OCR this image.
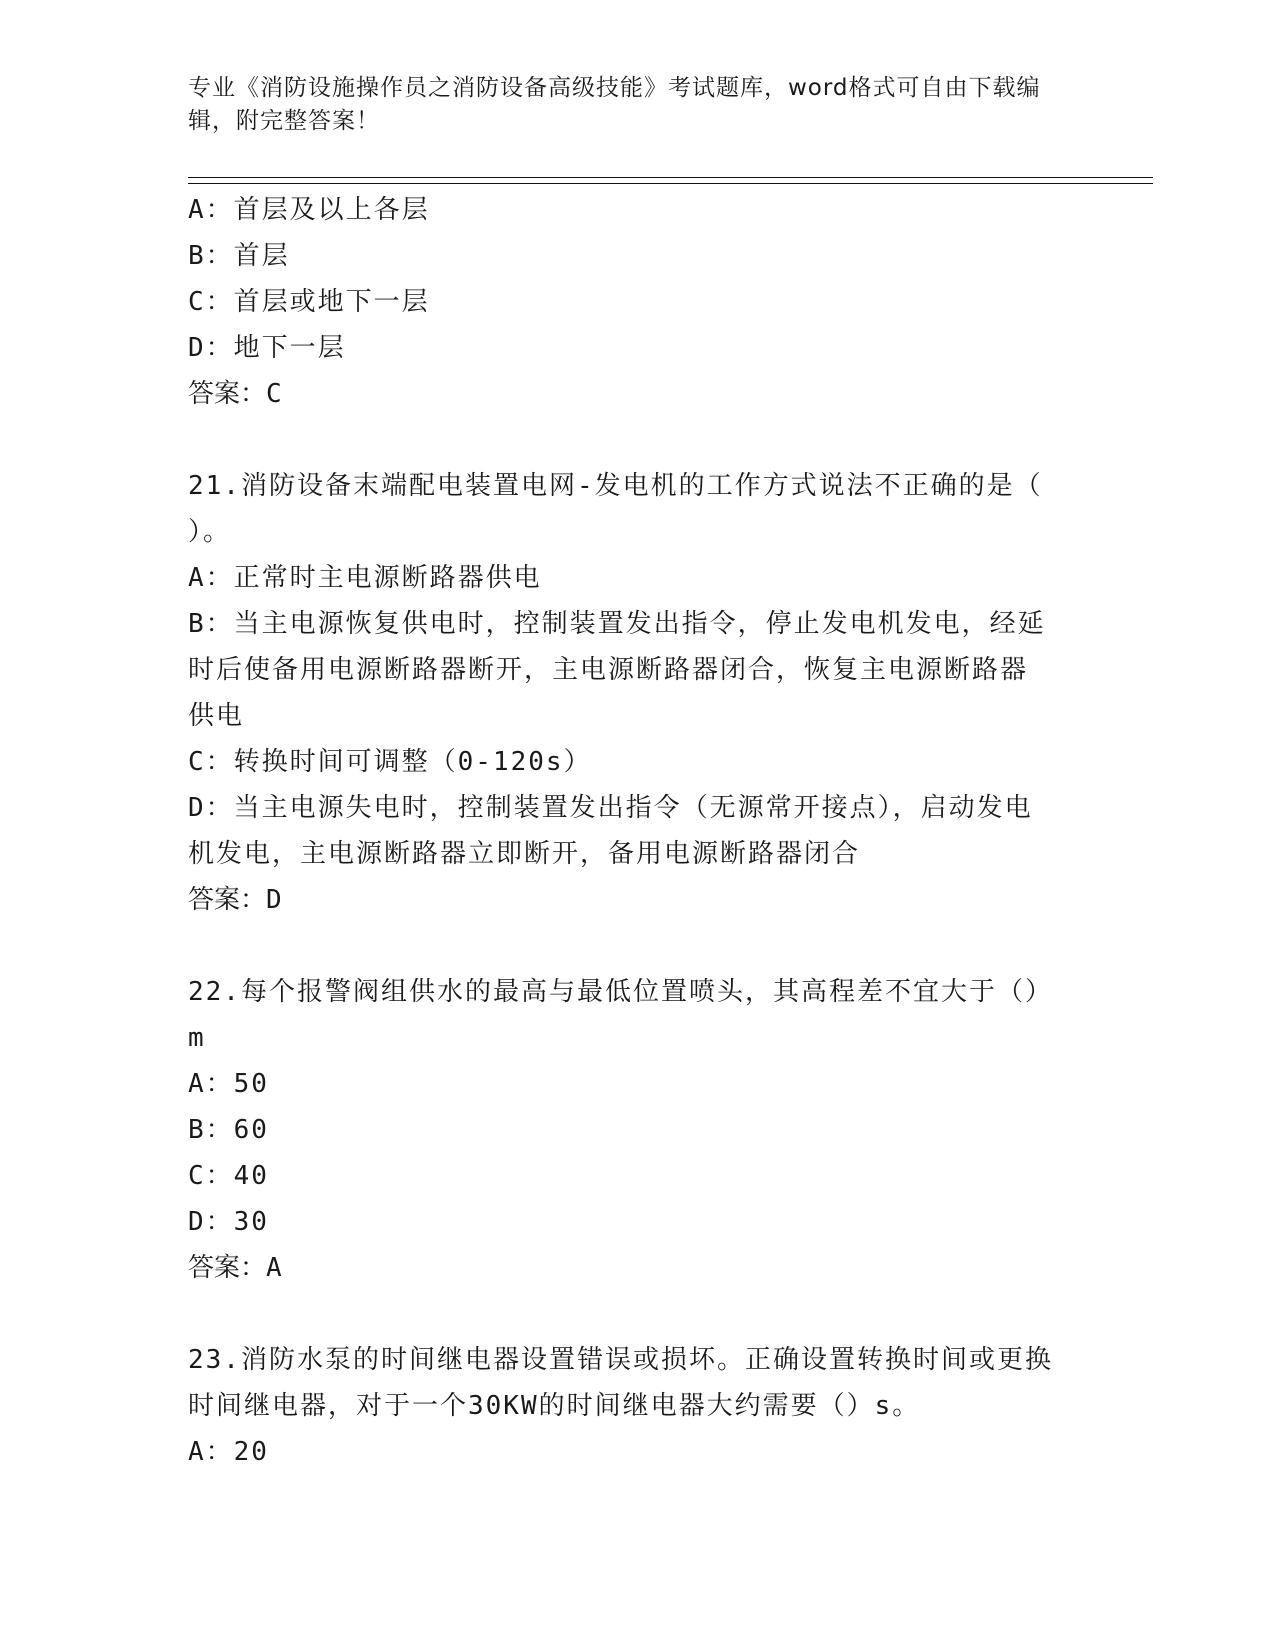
专业《消防设施操作员之消防设备高级技能》考试题库，word格式可自由下载编
辑，附完整答案！
A：首层及以上各层
B：首层
C：首层或地下一层
D：地下一层
答案：C
21.消防设备末端配电装置电网-发电机的工作方式说法不正确的是（
）。
A：正常时主电源断路器供电
B：当主电源恢复供电时，控制装置发出指令，停止发电机发电，经延
时后使备用电源断路器断开，主电源断路器闭合，恢复主电源断路器
供电
C：转换时间可调整（0-120s）
D：当主电源失电时，控制装置发出指令（无源常开接点），启动发电
机发电，主电源断路器立即断开，备用电源断路器闭合
答案：D
22.每个报警阀组供水的最高与最低位置喷头，其高程差不宜大于（）
m
A：50
B：60
C：40
D：30
答案：A
23.消防水泵的时间继电器设置错误或损坏。正确设置转换时间或更换
时间继电器，对于一个30KW的时间继电器大约需要（）s。
A：20
